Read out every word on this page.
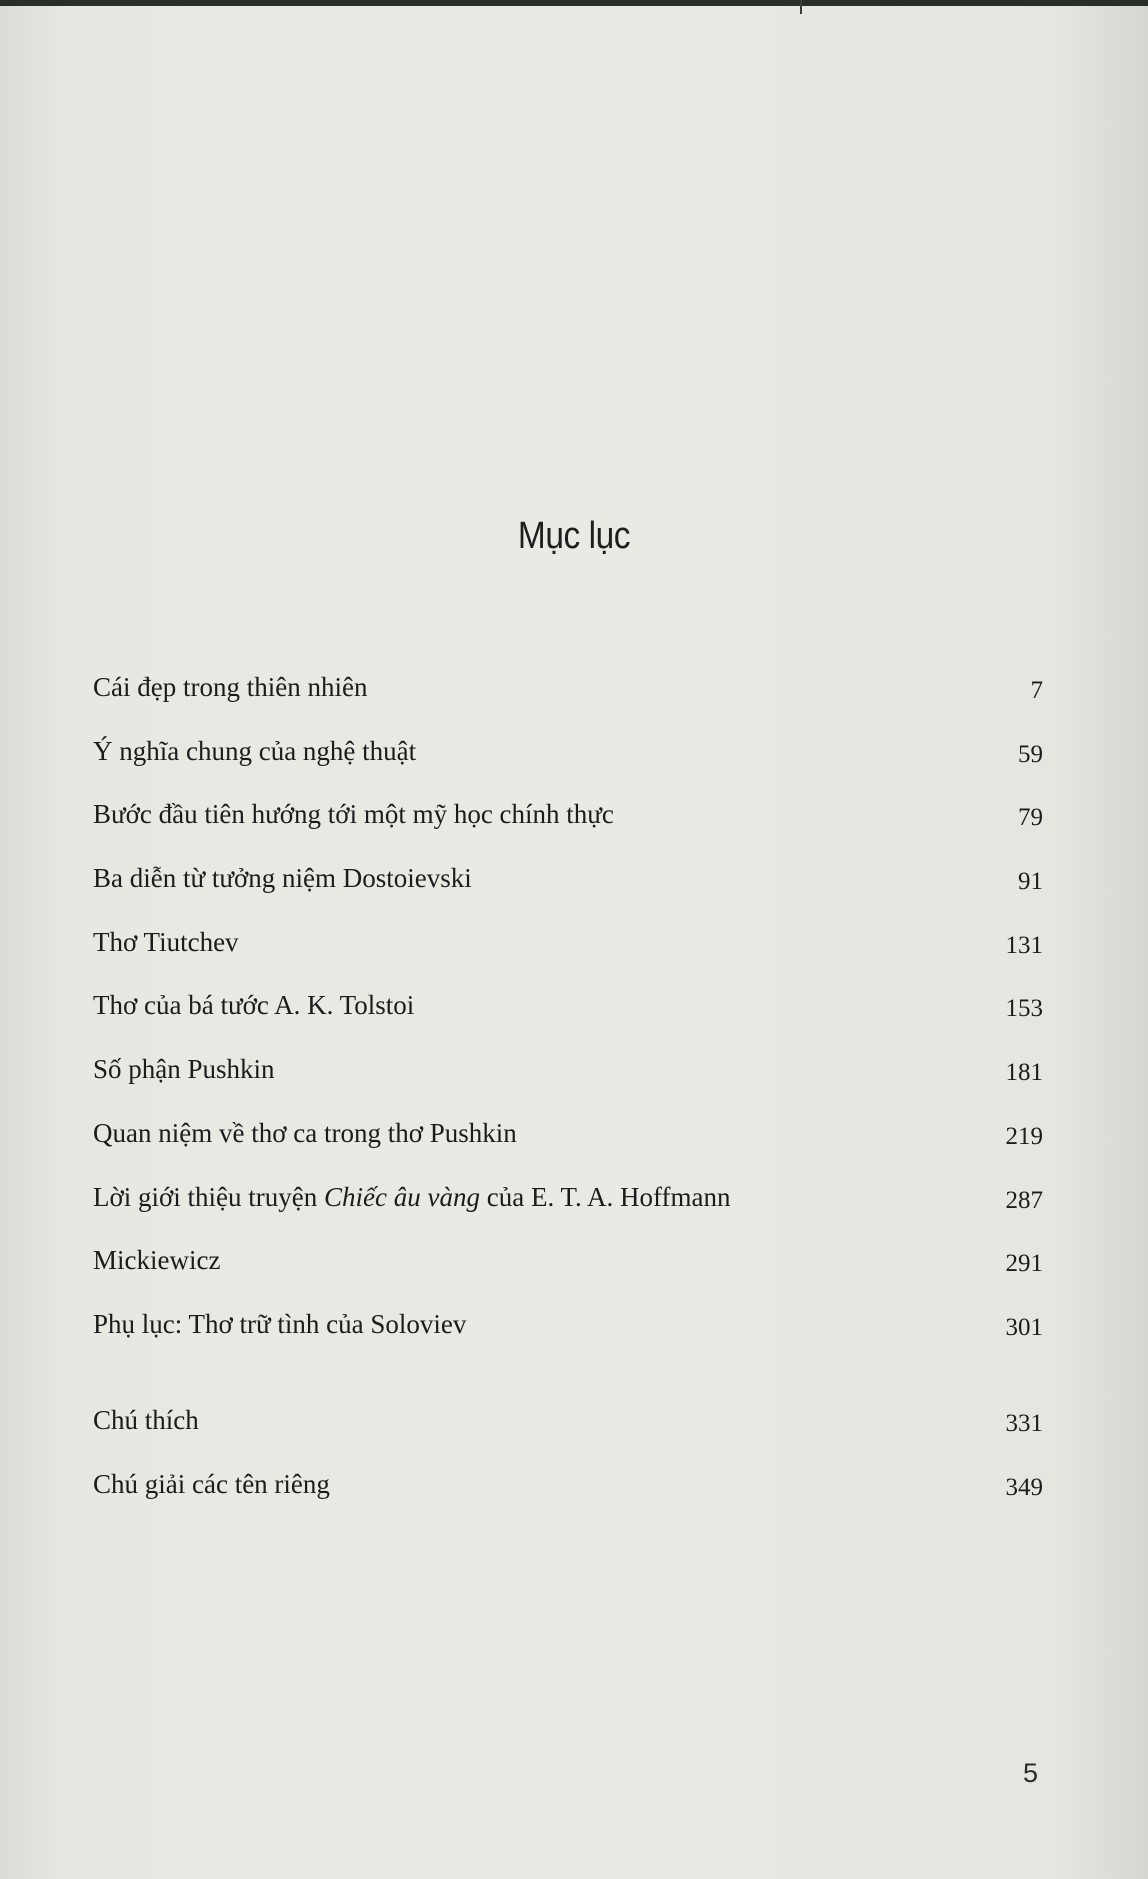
Mục lục
Cái đẹp trong thiên nhiên	7
Ý nghĩa chung của nghệ thuật	59
Bước đầu tiên hướng tới một mỹ học chính thực	79
Ba diễn từ tưởng niệm Dostoievski	91
Thơ Tiutchev	131
Thơ của bá tước A. K. Tolstoi	153
Số phận Pushkin	181
Quan niệm về thơ ca trong thơ Pushkin	219
Lời giới thiệu truyện Chiếc âu vàng của E. T. A. Hoffmann	287
Mickiewicz	291
Phụ lục: Thơ trữ tình của Soloviev	301
Chú thích	331
Chú giải các tên riêng	349
5
